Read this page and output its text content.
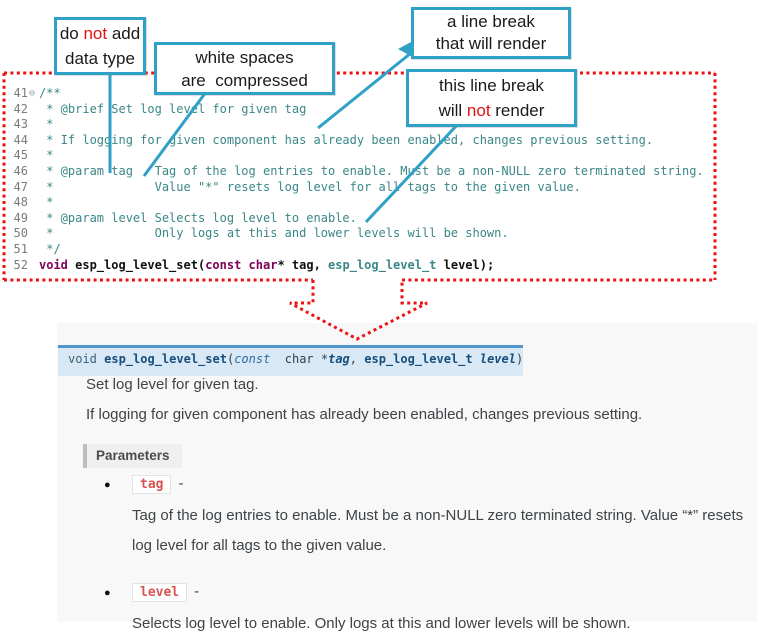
41 ⊖ /**
42 * @brief Set log level for given tag
43 *
44 * If logging for given component has already been enabled, changes previous setting.
45 *
46 * @param tag   Tag of the log entries to enable. Must be a non-NULL zero terminated string.
47 *              Value "*" resets log level for all tags to the given value.
48 *
49 * @param level Selects log level to enable.
50 *              Only logs at this and lower levels will be shown.
51 */
52 void esp_log_level_set(const char* tag, esp_log_level_t level);
void esp_log_level_set(const  char *tag, esp_log_level_t level)
Set log level for given tag.
If logging for given component has already been enabled, changes previous setting.
Parameters
● tag -
Tag of the log entries to enable. Must be a non-NULL zero terminated string. Value “*” resets log level for all tags to the given value.
● level -
Selects log level to enable. Only logs at this and lower levels will be shown.
do not add
data type	white spaces
are  compressed
a line break
that will render
this line break
will not render
